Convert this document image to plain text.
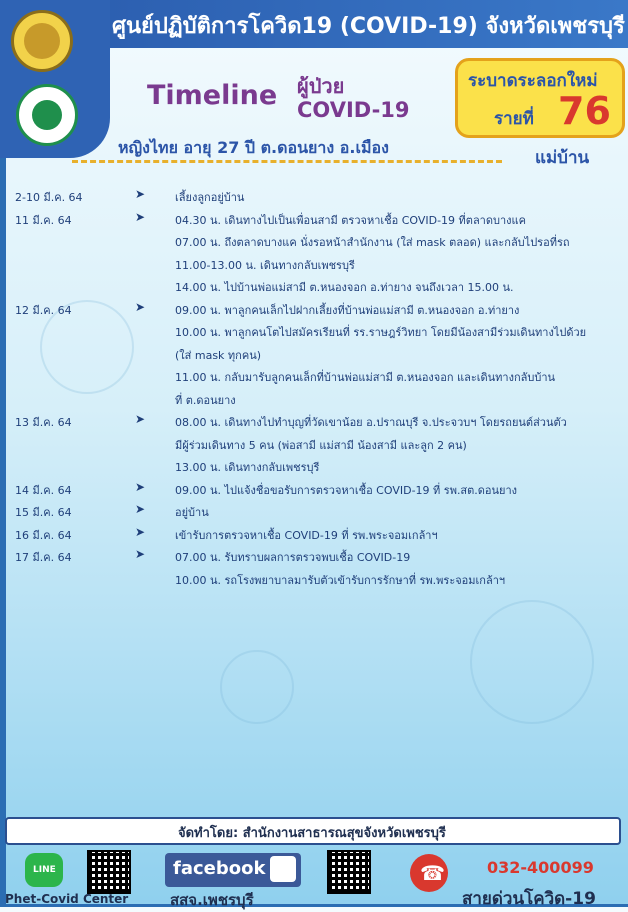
ศูนย์ปฏิบัติการโควิด19 (COVID-19) จังหวัดเพชรบุรี
Timeline ผู้ป่วย
COVID-19
ระบาดระลอกใหม่
รายที่ 76
หญิงไทย อายุ 27 ปี ต.ดอนยาง อ.เมือง
แม่บ้าน
2-10 มี.ค. 64	➤	เลี้ยงลูกอยู่บ้าน
11 มี.ค. 64	➤	04.30 น. เดินทางไปเป็นเพื่อนสามี ตรวจหาเชื้อ COVID-19 ที่ตลาดบางแค
07.00 น. ถึงตลาดบางแค นั่งรอหน้าสำนักงาน (ใส่ mask ตลอด) และกลับไปรอที่รถ
11.00-13.00 น. เดินทางกลับเพชรบุรี
14.00 น. ไปบ้านพ่อแม่สามี ต.หนองจอก อ.ท่ายาง จนถึงเวลา 15.00 น.
12 มี.ค. 64	➤	09.00 น. พาลูกคนเล็กไปฝากเลี้ยงที่บ้านพ่อแม่สามี ต.หนองจอก อ.ท่ายาง
10.00 น. พาลูกคนโตไปสมัครเรียนที่ รร.ราษฎร์วิทยา โดยมีน้องสามีร่วมเดินทางไปด้วย
(ใส่ mask ทุกคน)
11.00 น. กลับมารับลูกคนเล็กที่บ้านพ่อแม่สามี ต.หนองจอก และเดินทางกลับบ้าน
ที่ ต.ดอนยาง
13 มี.ค. 64	➤	08.00 น. เดินทางไปทำบุญที่วัดเขาน้อย อ.ปราณบุรี จ.ประจวบฯ โดยรถยนต์ส่วนตัว
มีผู้ร่วมเดินทาง 5 คน (พ่อสามี แม่สามี น้องสามี และลูก 2 คน)
13.00 น. เดินทางกลับเพชรบุรี
14 มี.ค. 64	➤	09.00 น. ไปแจ้งชื่อขอรับการตรวจหาเชื้อ COVID-19 ที่ รพ.สต.ดอนยาง
15 มี.ค. 64	➤	อยู่บ้าน
16 มี.ค. 64	➤	เข้ารับการตรวจหาเชื้อ COVID-19 ที่ รพ.พระจอมเกล้าฯ
17 มี.ค. 64	➤	07.00 น. รับทราบผลการตรวจพบเชื้อ COVID-19
10.00 น. รถโรงพยาบาลมารับตัวเข้ารับการรักษาที่ รพ.พระจอมเกล้าฯ
จัดทำโดย: สำนักงานสาธารณสุขจังหวัดเพชรบุรี
LINE	facebook	☎
Phet-Covid Center	สสจ.เพชรบุรี
032-400099
สายด่วนโควิด-19
